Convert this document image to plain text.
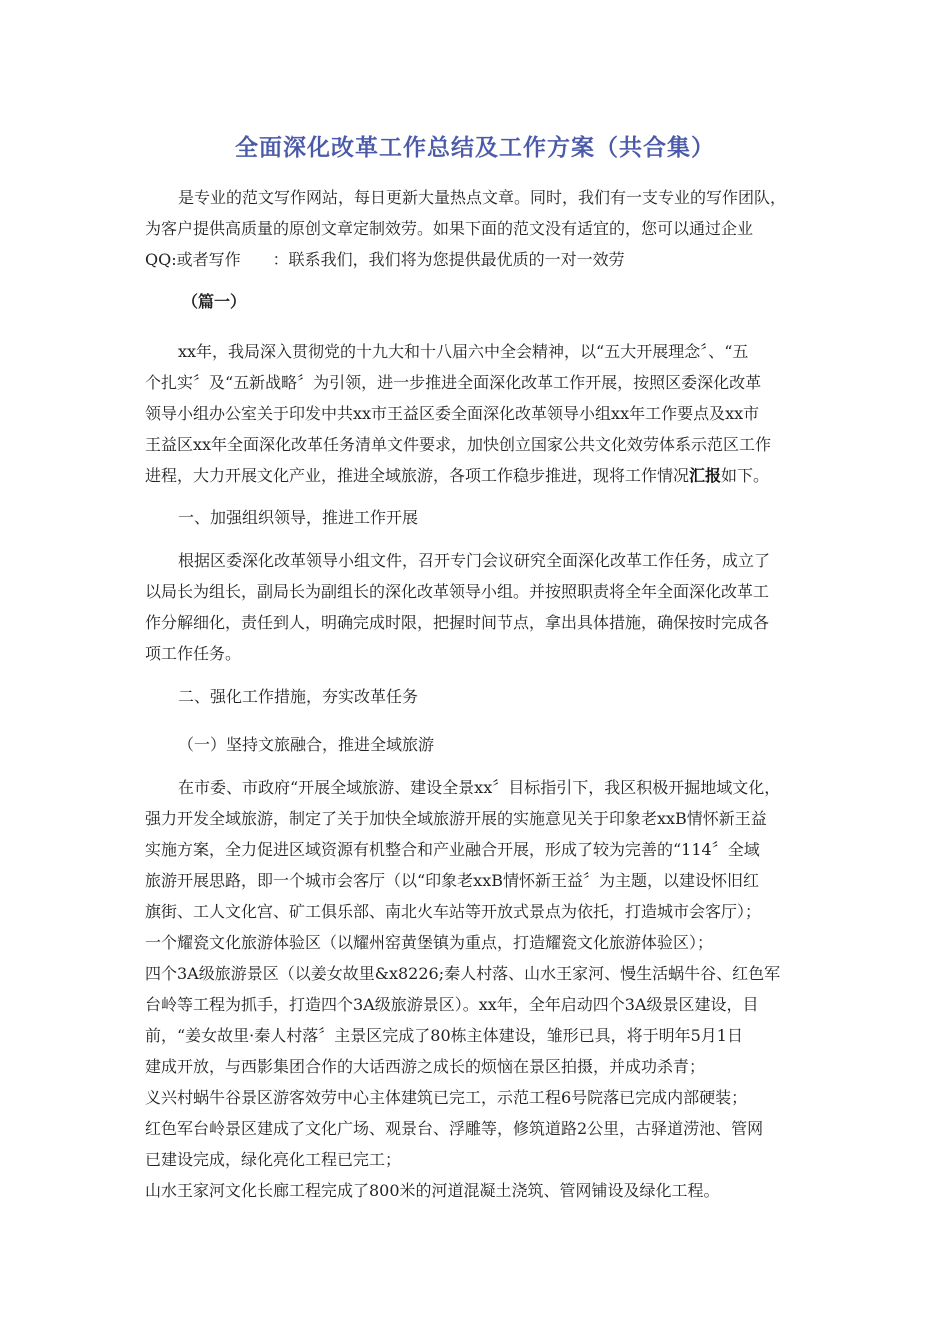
全面深化改革工作总结及工作方案（共合集）
是专业的范文写作网站，每日更新大量热点文章。同时，我们有一支专业的写作团队，
为客户提供高质量的原创文章定制效劳。如果下面的范文没有适宜的，您可以通过企业
QQ:或者写作　　：联系我们，我们将为您提供最优质的一对一效劳
（篇一）
xx年，我局深入贯彻党的十九大和十八届六中全会精神，以“五大开展理念〞、“五
个扎实〞及“五新战略〞为引领，进一步推进全面深化改革工作开展，按照区委深化改革
领导小组办公室关于印发中共xx市王益区委全面深化改革领导小组xx年工作要点及xx市
王益区xx年全面深化改革任务清单文件要求，加快创立国家公共文化效劳体系示范区工作
进程，大力开展文化产业，推进全域旅游，各项工作稳步推进，现将工作情况汇报如下。
一、加强组织领导，推进工作开展
根据区委深化改革领导小组文件，召开专门会议研究全面深化改革工作任务，成立了
以局长为组长，副局长为副组长的深化改革领导小组。并按照职责将全年全面深化改革工
作分解细化，责任到人，明确完成时限，把握时间节点，拿出具体措施，确保按时完成各
项工作任务。
二、强化工作措施，夯实改革任务
（一）坚持文旅融合，推进全域旅游
在市委、市政府“开展全域旅游、建设全景xx〞目标指引下，我区积极开掘地域文化，
强力开发全域旅游，制定了关于加快全域旅游开展的实施意见关于印象老xxB情怀新王益
实施方案，全力促进区域资源有机整合和产业融合开展，形成了较为完善的“114〞全域
旅游开展思路，即一个城市会客厅（以“印象老xxB情怀新王益〞为主题，以建设怀旧红
旗街、工人文化宫、矿工俱乐部、南北火车站等开放式景点为依托，打造城市会客厅）；
一个耀瓷文化旅游体验区（以耀州窑黄堡镇为重点，打造耀瓷文化旅游体验区）；
四个3A级旅游景区（以姜女故里&x8226;秦人村落、山水王家河、慢生活蜗牛谷、红色军
台岭等工程为抓手，打造四个3A级旅游景区）。xx年，全年启动四个3A级景区建设，目
前，“姜女故里·秦人村落〞主景区完成了80栋主体建设，雏形已具，将于明年5月1日
建成开放，与西影集团合作的大话西游之成长的烦恼在景区拍摄，并成功杀青；
义兴村蜗牛谷景区游客效劳中心主体建筑已完工，示范工程6号院落已完成内部硬装；
红色军台岭景区建成了文化广场、观景台、浮雕等，修筑道路2公里，古驿道涝池、管网
已建设完成，绿化亮化工程已完工；
山水王家河文化长廊工程完成了800米的河道混凝土浇筑、管网铺设及绿化工程。
